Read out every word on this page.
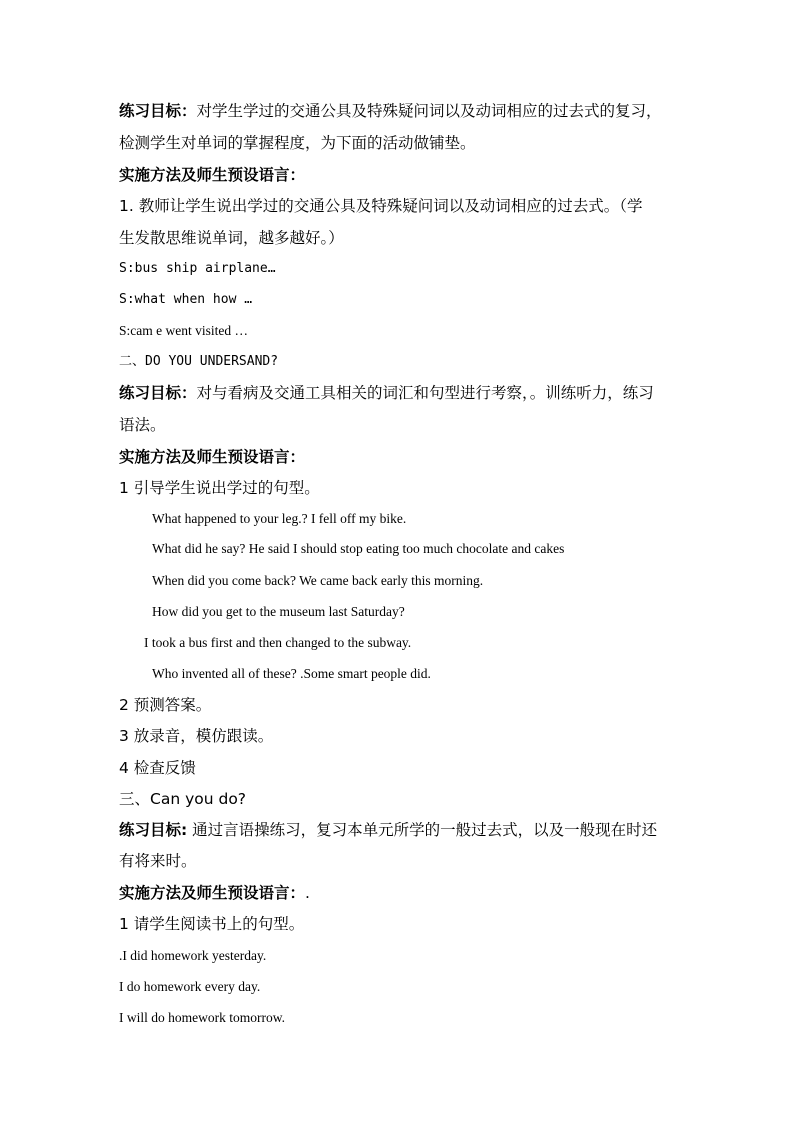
练习目标：对学生学过的交通公具及特殊疑问词以及动词相应的过去式的复习，
检测学生对单词的掌握程度，为下面的活动做铺垫。
实施方法及师生预设语言：
1. 教师让学生说出学过的交通公具及特殊疑问词以及动词相应的过去式。（学
生发散思维说单词，越多越好。）
S:bus ship airplane…
S:what when how …
S:cam e went visited …
二、DO YOU UNDERSAND?
练习目标：对与看病及交通工具相关的词汇和句型进行考察，。训练听力，练习
语法。
实施方法及师生预设语言：
1 引导学生说出学过的句型。
What happened to your leg.? I fell off my bike.
What did he say? He said I should stop eating too much chocolate and cakes
When did you come back? We came back early this morning.
How did you get to the museum last Saturday?
I took a bus first and then changed to the subway.
Who invented all of these? .Some smart people did.
2 预测答案。
3 放录音，模仿跟读。
4 检查反馈
三、Can you do?
练习目标: 通过言语操练习，复习本单元所学的一般过去式，以及一般现在时还
有将来时。
实施方法及师生预设语言：.
1 请学生阅读书上的句型。
.I did homework yesterday.
I do homework every day.
I will do homework tomorrow.
